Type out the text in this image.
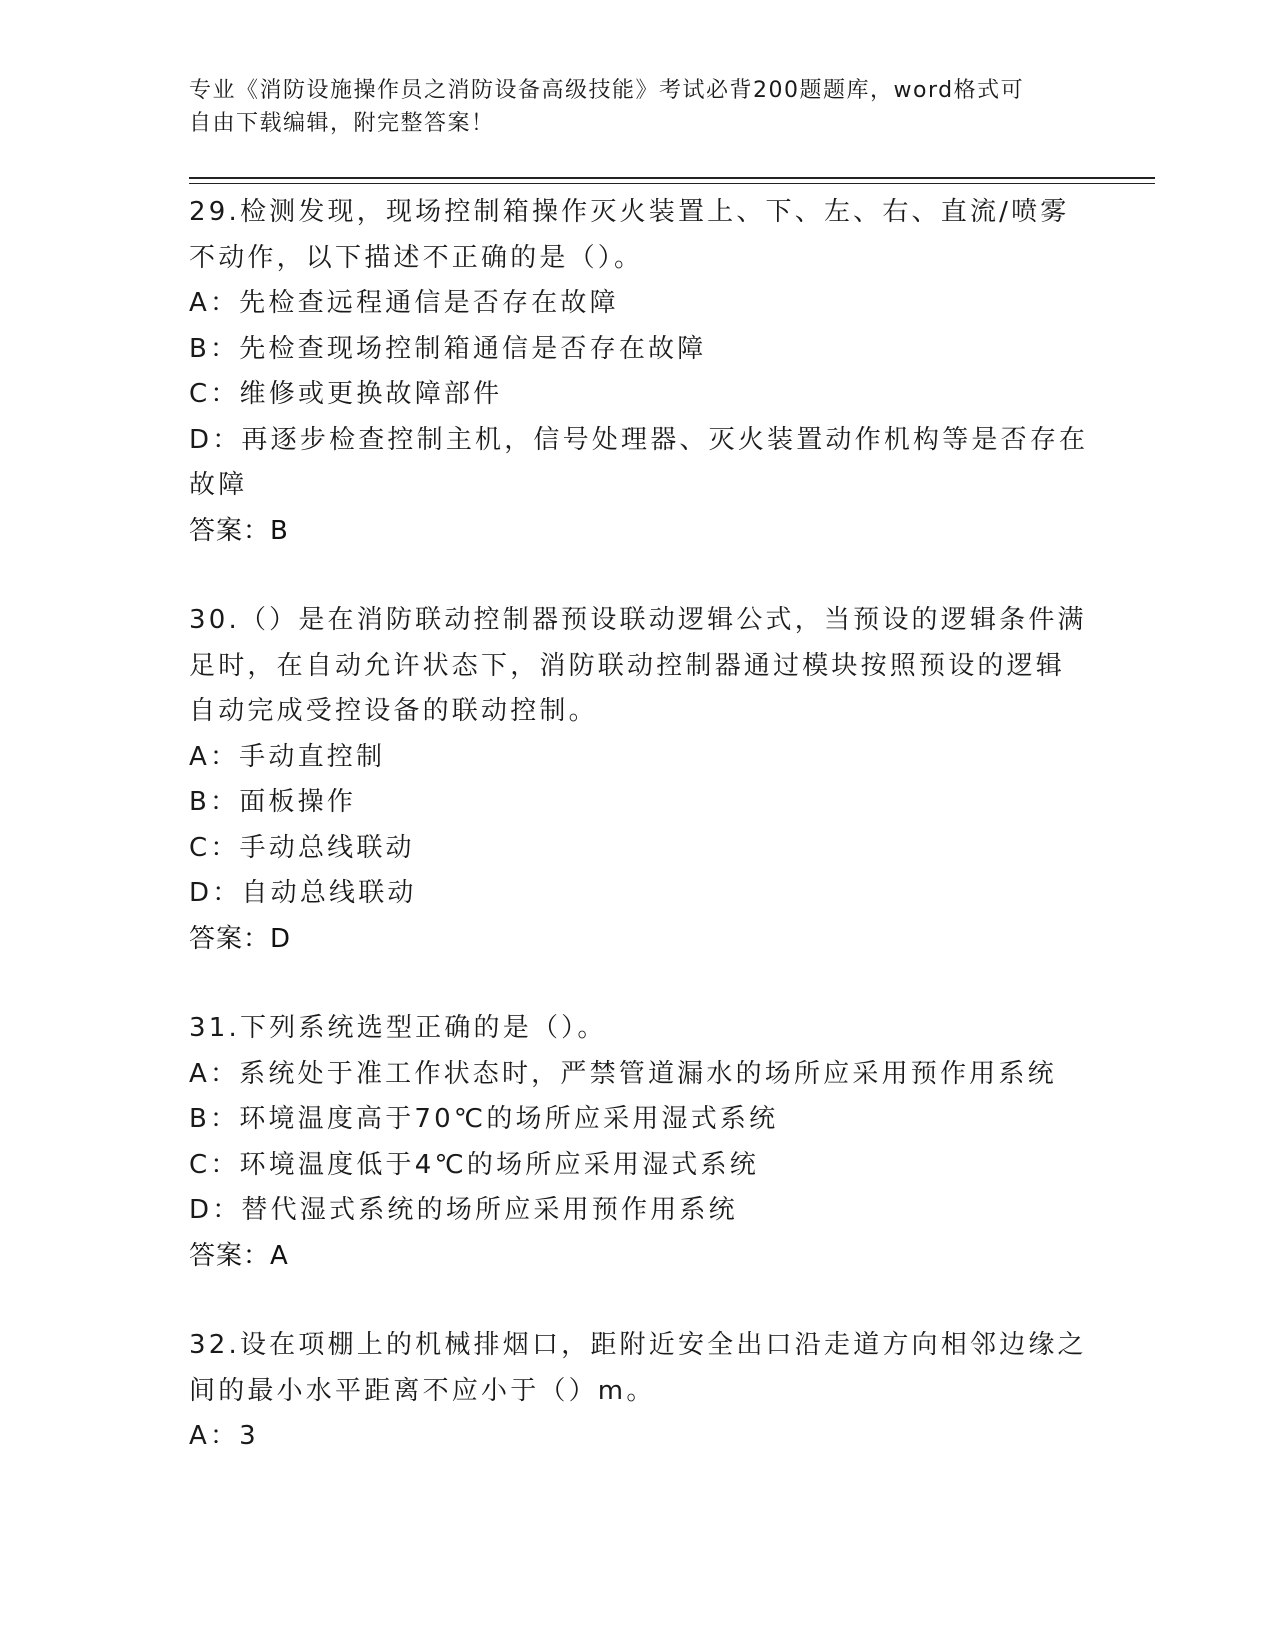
专业《消防设施操作员之消防设备高级技能》考试必背200题题库，word格式可
自由下载编辑，附完整答案！
29.检测发现，现场控制箱操作灭火装置上、下、左、右、直流/喷雾
不动作，以下描述不正确的是（）。
A：先检查远程通信是否存在故障
B：先检查现场控制箱通信是否存在故障
C：维修或更换故障部件
D：再逐步检查控制主机，信号处理器、灭火装置动作机构等是否存在
故障
答案：B
30.（）是在消防联动控制器预设联动逻辑公式，当预设的逻辑条件满
足时，在自动允许状态下，消防联动控制器通过模块按照预设的逻辑
自动完成受控设备的联动控制。
A：手动直控制
B：面板操作
C：手动总线联动
D：自动总线联动
答案：D
31.下列系统选型正确的是（）。
A：系统处于准工作状态时，严禁管道漏水的场所应采用预作用系统
B：环境温度高于70℃的场所应采用湿式系统
C：环境温度低于4℃的场所应采用湿式系统
D：替代湿式系统的场所应采用预作用系统
答案：A
32.设在项棚上的机械排烟口，距附近安全出口沿走道方向相邻边缘之
间的最小水平距离不应小于（）m。
A：3
